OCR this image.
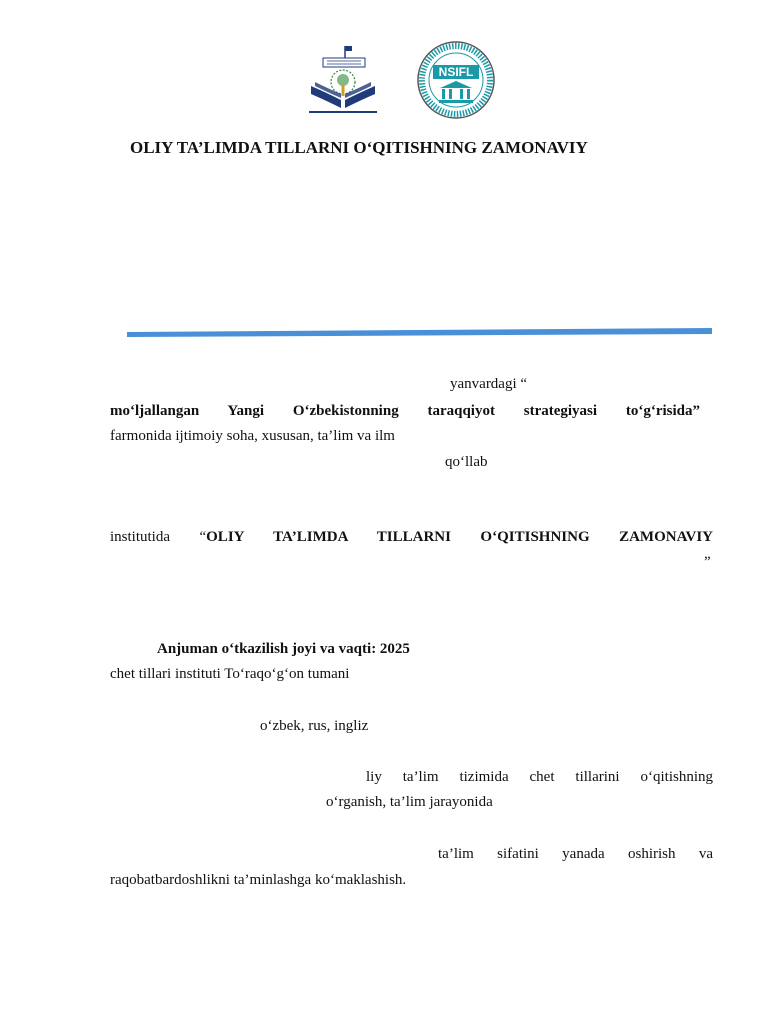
NSIFL
OLIY TA’LIMDA TILLARNI O‘QITISHNING ZAMONAVIY
yanvardagi “
mo‘ljallangan Yangi O‘zbekistonning taraqqiyot strategiyasi to‘g‘risida”
farmonida ijtimoiy soha, xususan, ta’lim va ilm
qo‘llab
institutida “OLIY TA’LIMDA TILLARNI O‘QITISHNING ZAMONAVIY
”
Anjuman o‘tkazilish joyi va vaqti: 2025
chet tillari instituti To‘raqo‘g‘on tumani
o‘zbek, rus, ingliz
liy ta’lim tizimida chet tillarini o‘qitishning
o‘rganish, ta’lim jarayonida
ta’lim sifatini yanada oshirish va
raqobatbardoshlikni ta’minlashga ko‘maklashish.
